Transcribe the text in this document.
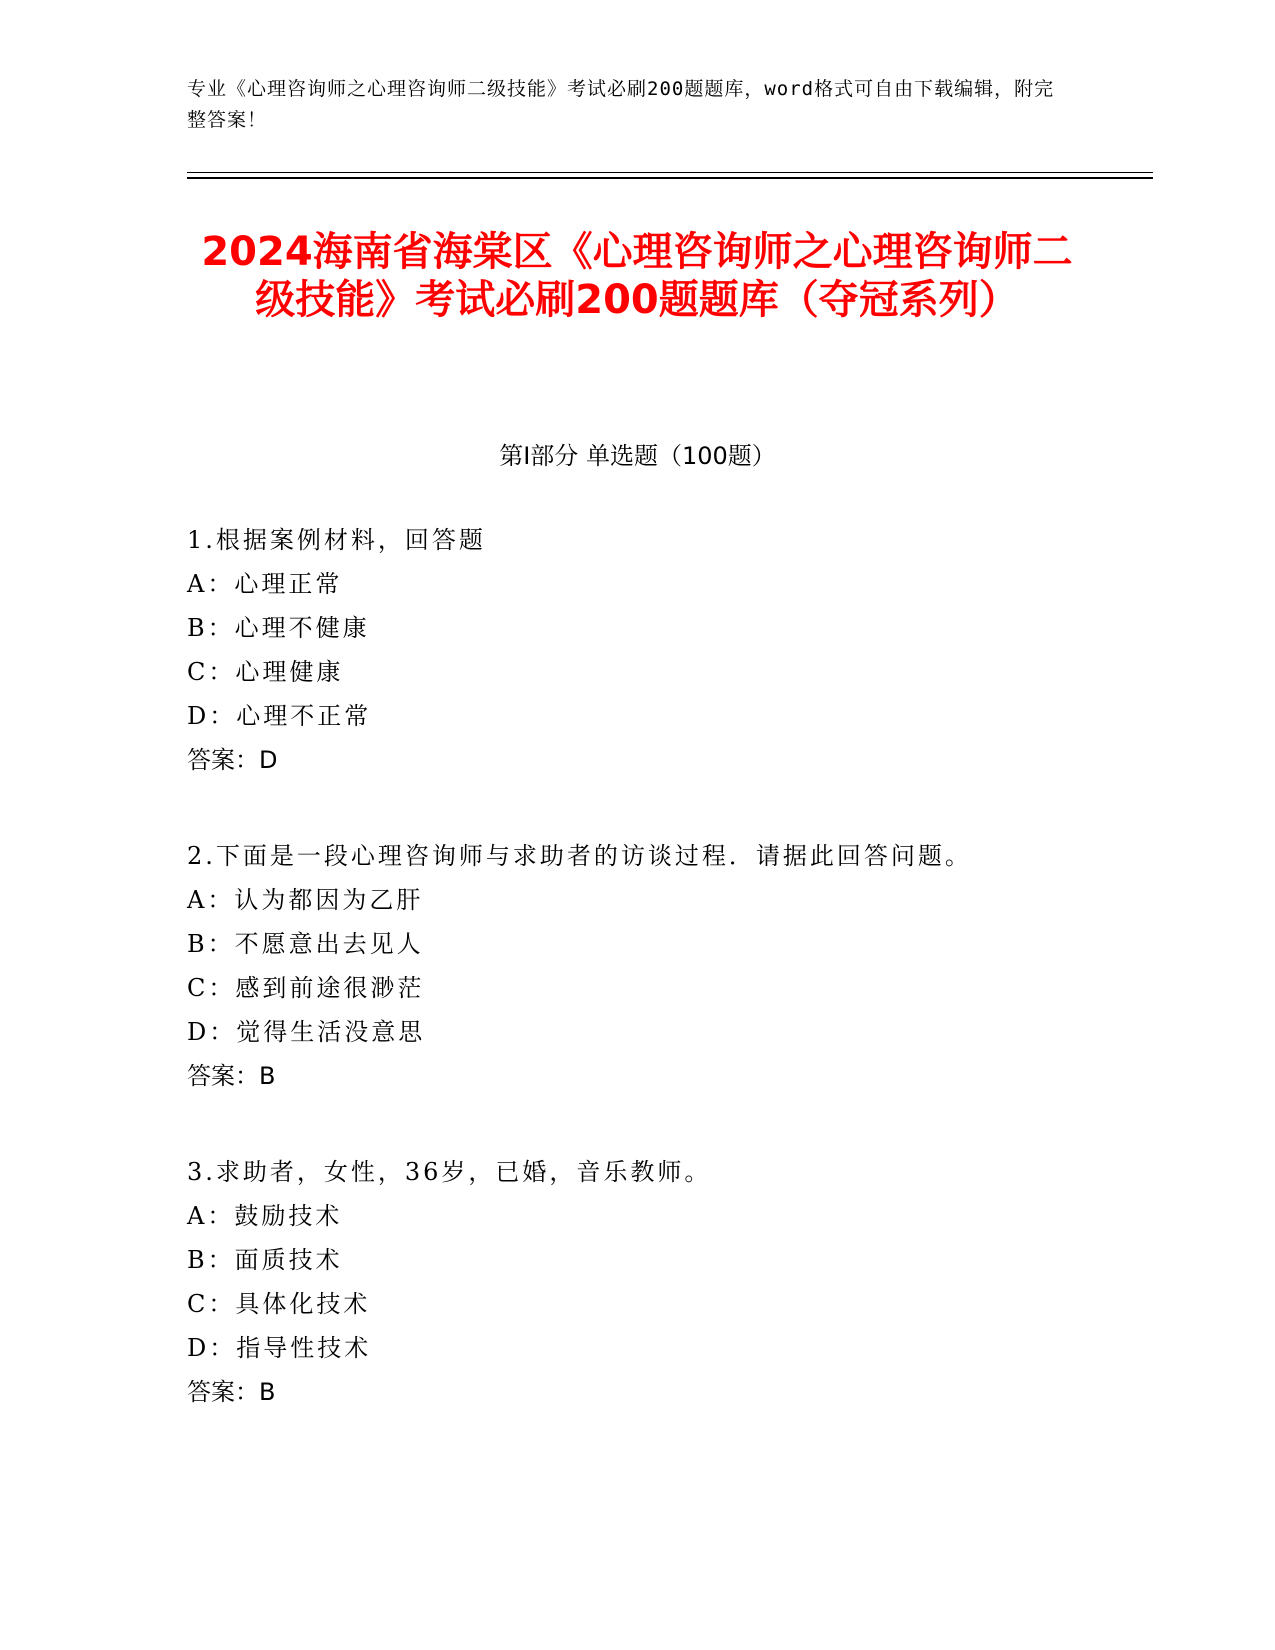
专业《心理咨询师之心理咨询师二级技能》考试必刷200题题库，word格式可自由下载编辑，附完整答案！

2024海南省海棠区《心理咨询师之心理咨询师二级技能》考试必刷200题题库（夺冠系列）
第Ⅰ部分 单选题（100题）
1.根据案例材料，回答题
A：心理正常
B：心理不健康
C：心理健康
D：心理不正常
答案：D
2.下面是一段心理咨询师与求助者的访谈过程．请据此回答问题。
A：认为都因为乙肝
B：不愿意出去见人
C：感到前途很渺茫
D：觉得生活没意思
答案：B
3.求助者，女性，36岁，已婚，音乐教师。
A：鼓励技术
B：面质技术
C：具体化技术
D：指导性技术
答案：B
